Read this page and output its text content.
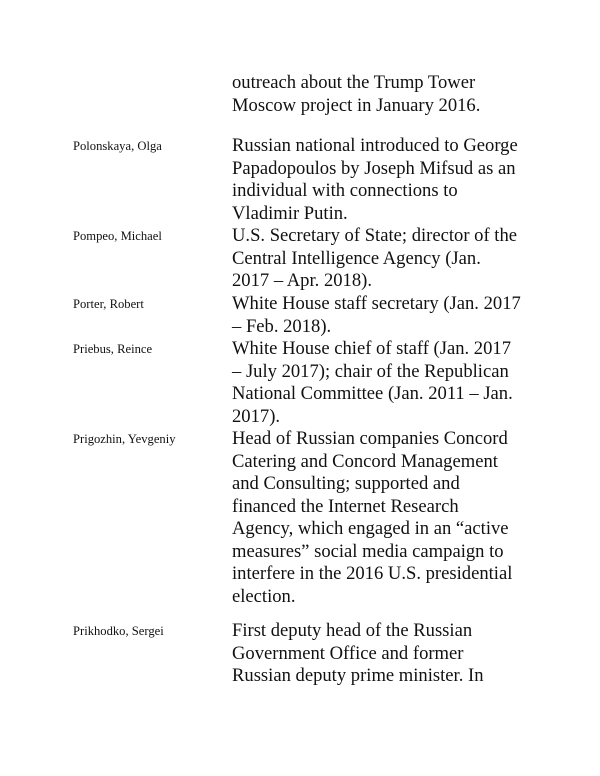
outreach about the Trump Tower
Moscow project in January 2016.
Polonskaya, Olga	Russian national introduced to George
Papadopoulos by Joseph Mifsud as an
individual with connections to
Vladimir Putin.
Pompeo, Michael	U.S. Secretary of State; director of the
Central Intelligence Agency (Jan.
2017 – Apr. 2018).
Porter, Robert	White House staff secretary (Jan. 2017
– Feb. 2018).
Priebus, Reince	White House chief of staff (Jan. 2017
– July 2017); chair of the Republican
National Committee (Jan. 2011 – Jan.
2017).
Prigozhin, Yevgeniy	Head of Russian companies Concord
Catering and Concord Management
and Consulting; supported and
financed the Internet Research
Agency, which engaged in an “active
measures” social media campaign to
interfere in the 2016 U.S. presidential
election.
Prikhodko, Sergei	First deputy head of the Russian
Government Office and former
Russian deputy prime minister. In
